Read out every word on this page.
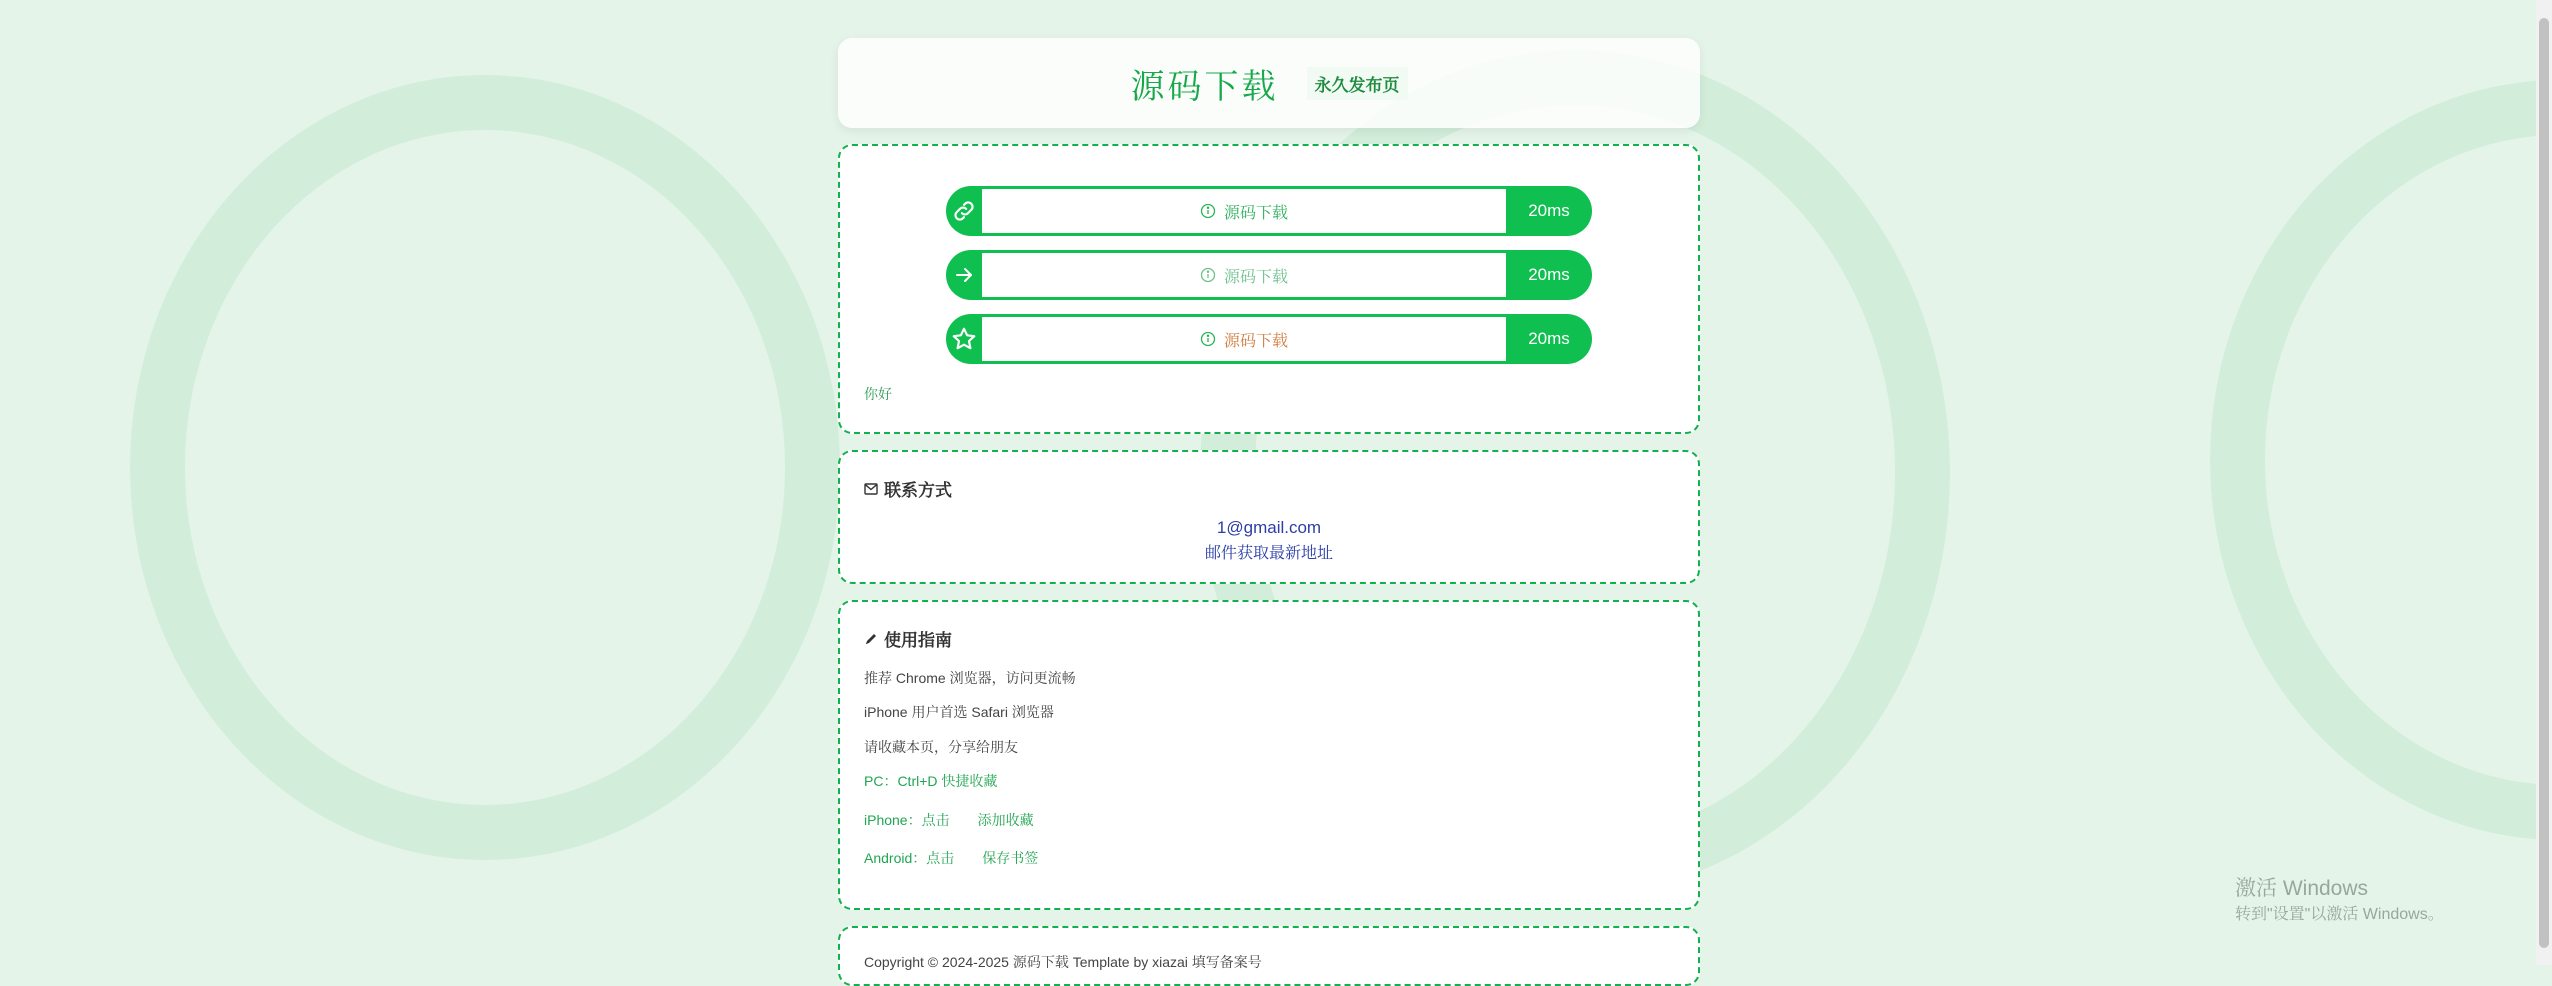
源码下载	永久发布页
源码下载	20ms
源码下载	20ms
源码下载	20ms
你好
联系方式
1@gmail.com
邮件获取最新地址
使用指南
推荐 Chrome 浏览器，访问更流畅
iPhone 用户首选 Safari 浏览器
请收藏本页，分享给朋友
PC：Ctrl+D 快捷收藏
iPhone：点击 添加收藏
Android：点击 保存书签
Copyright © 2024-2025 源码下载 Template by xiazai 填写备案号
激活 Windows
转到"设置"以激活 Windows。
